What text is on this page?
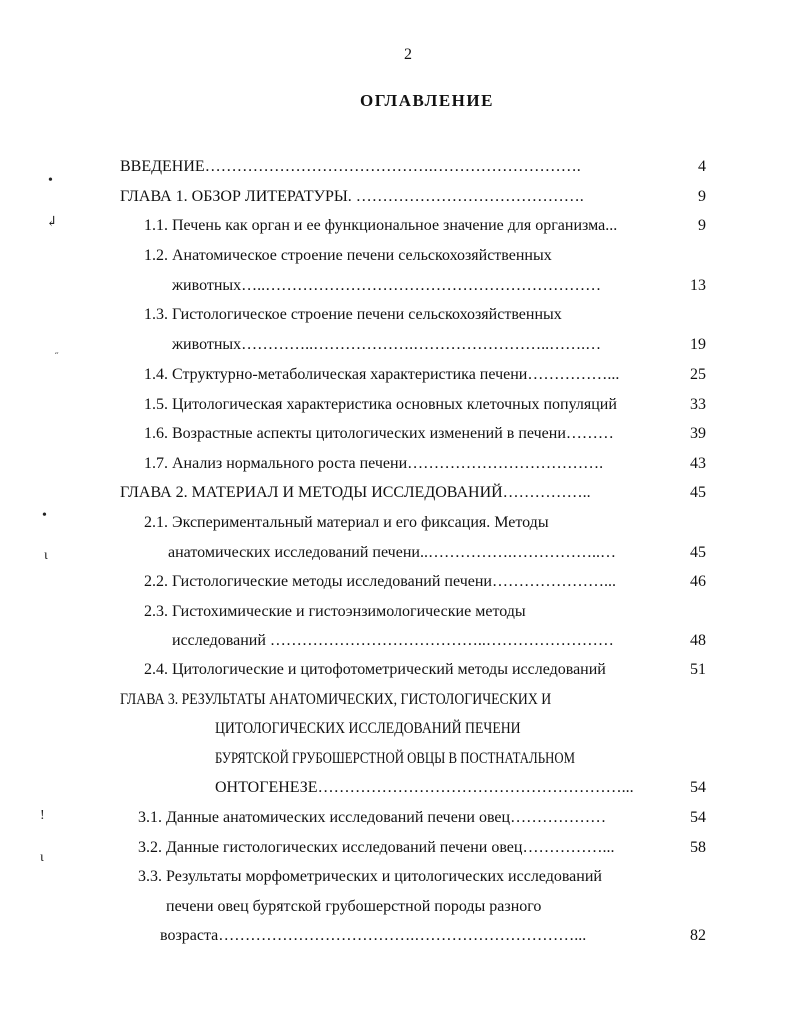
2
ОГЛАВЛЕНИЕ
ВВЕДЕНИЕ…………………………………….……………………….	4
ГЛАВА 1. ОБЗОР ЛИТЕРАТУРЫ. …………………………………….	9
1.1. Печень как орган и ее функциональное значение для организма...	9
1.2. Анатомическое строение печени сельскохозяйственных
животных…..………………………………………………………	13
1.3. Гистологическое строение печени сельскохозяйственных
животных…………..……………….……………………..…….…	19
1.4. Структурно-метаболическая характеристика печени……………...	25
1.5. Цитологическая характеристика основных клеточных популяций	33
1.6. Возрастные аспекты цитологических изменений в печени………	39
1.7. Анализ нормального роста печени……………………………….	43
ГЛАВА 2. МАТЕРИАЛ И МЕТОДЫ ИССЛЕДОВАНИЙ……………..	45
2.1. Экспериментальный материал и его фиксация. Методы
анатомических исследований печени..…………….……………..…	45
2.2. Гистологические методы исследований печени…………………...	46
2.3. Гистохимические и гистоэнзимологические методы
исследований …………………………………..……………………	48
2.4. Цитологические и цитофотометрический методы исследований	51
ГЛАВА 3. РЕЗУЛЬТАТЫ АНАТОМИЧЕСКИХ, ГИСТОЛОГИЧЕСКИХ И
ЦИТОЛОГИЧЕСКИХ ИССЛЕДОВАНИЙ ПЕЧЕНИ
БУРЯТСКОЙ ГРУБОШЕРСТНОЙ ОВЦЫ В ПОСТНАТАЛЬНОМ
ОНТОГЕНЕЗЕ…………………………………………………...	54
3.1. Данные анатомических исследований печени овец………………	54
3.2. Данные гистологических исследований печени овец……………...	58
3.3. Результаты морфометрических и цитологических исследований
печени овец бурятской грубошерстной породы разного
возраста……………………………….…………………………...	82
•
↲
˝
•
ι
ǃ
ι
